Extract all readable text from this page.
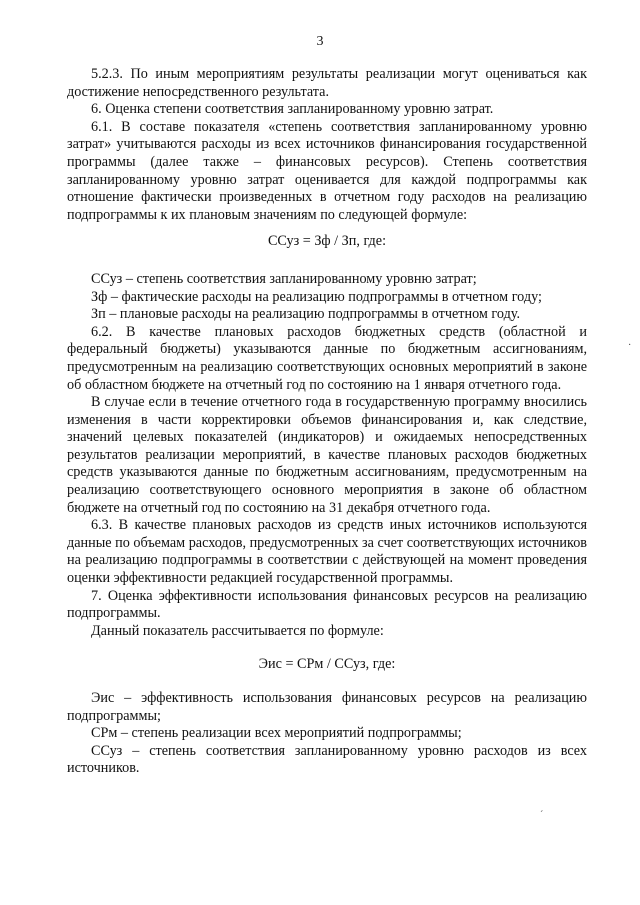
3

5.2.3. По иным мероприятиям результаты реализации могут оцениваться как достижение непосредственного результата.

6. Оценка степени соответствия запланированному уровню затрат.

6.1. В составе показателя «степень соответствия запланированному уровню затрат» учитываются расходы из всех источников финансирования государственной программы (далее также – финансовых ресурсов). Степень соответствия запланированному уровню затрат оценивается для каждой подпрограммы как отношение фактически произведенных в отчетном году расходов на реализацию подпрограммы к их плановым значениям по следующей формуле:

ССуз = Зф / Зп, где:

ССуз – степень соответствия запланированному уровню затрат;

Зф – фактические расходы на реализацию подпрограммы в отчетном году;

Зп – плановые расходы на реализацию подпрограммы в отчетном году.

6.2. В качестве плановых расходов бюджетных средств (областной и федеральный бюджеты) указываются данные по бюджетным ассигнованиям, предусмотренным на реализацию соответствующих основных мероприятий в законе об областном бюджете на отчетный год по состоянию на 1 января отчетного года.

В случае если в течение отчетного года в государственную программу вносились изменения в части корректировки объемов финансирования и, как следствие, значений целевых показателей (индикаторов) и ожидаемых непосредственных результатов реализации мероприятий, в качестве плановых расходов бюджетных средств указываются данные по бюджетным ассигнованиям, предусмотренным на реализацию соответствующего основного мероприятия в законе об областном бюджете на отчетный год по состоянию на 31 декабря отчетного года.

6.3. В качестве плановых расходов из средств иных источников используются данные по объемам расходов, предусмотренных за счет соответствующих источников на реализацию подпрограммы в соответствии с действующей на момент проведения оценки эффективности редакцией государственной программы.

7. Оценка эффективности использования финансовых ресурсов на реализацию подпрограммы.

Данный показатель рассчитывается по формуле:

Эис = СРм / ССуз, где:

Эис – эффективность использования финансовых ресурсов на реализацию подпрограммы;

СРм – степень реализации всех мероприятий подпрограммы;

ССуз – степень соответствия запланированному уровню расходов из всех источников.

·
´
